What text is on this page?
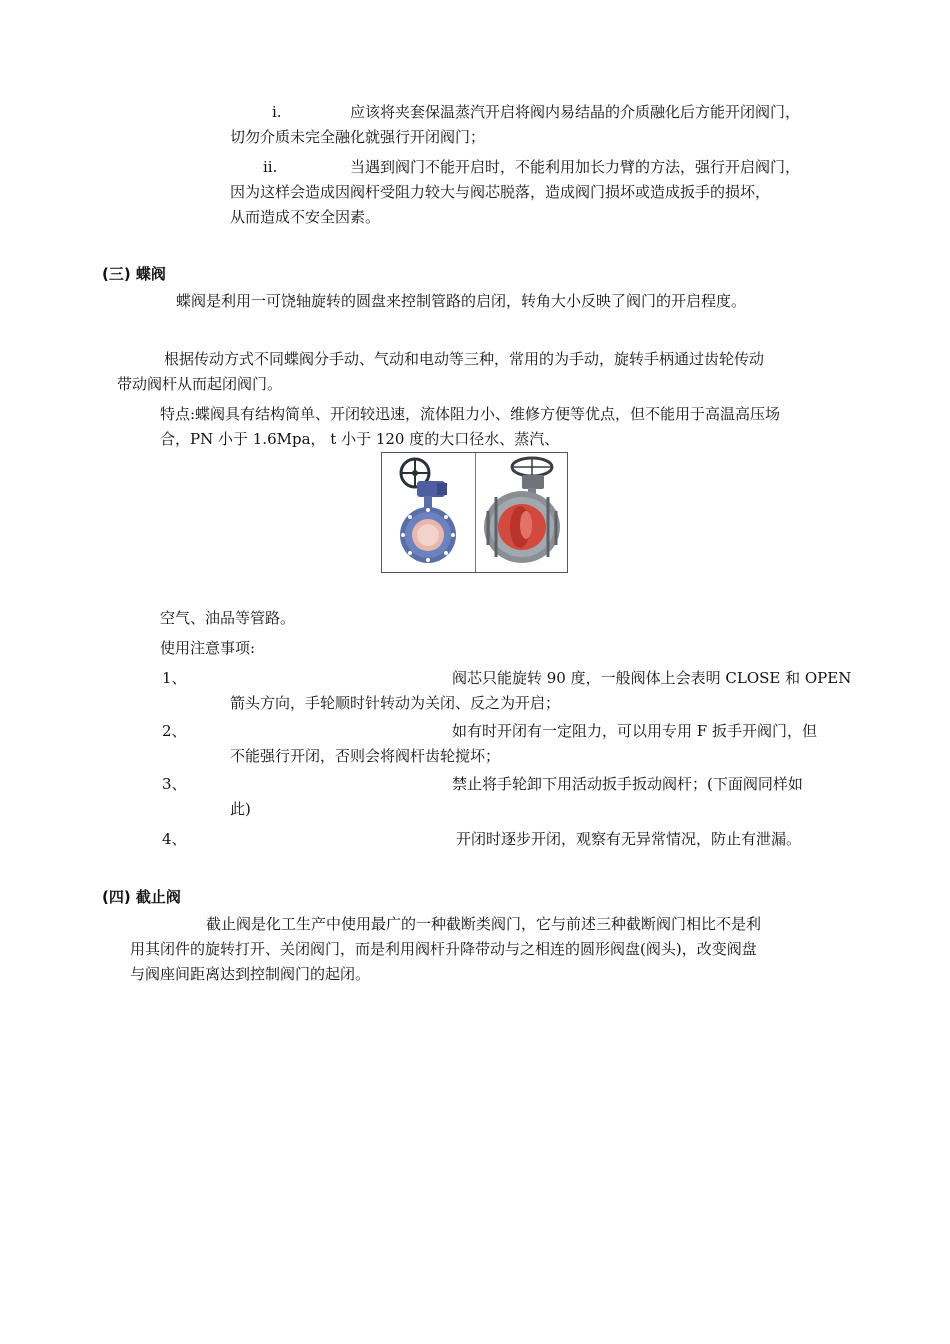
i.	应该将夹套保温蒸汽开启将阀内易结晶的介质融化后方能开闭阀门，
切勿介质未完全融化就强行开闭阀门；
ii.	当遇到阀门不能开启时，不能利用加长力臂的方法，强行开启阀门，
因为这样会造成因阀杆受阻力较大与阀芯脱落，造成阀门损坏或造成扳手的损坏，
从而造成不安全因素。
(三) 蝶阀
蝶阀是利用一可饶轴旋转的圆盘来控制管路的启闭，转角大小反映了阀门的开启程度。
根据传动方式不同蝶阀分手动、气动和电动等三种，常用的为手动，旋转手柄通过齿轮传动
带动阀杆从而起闭阀门。
特点:蝶阀具有结构简单、开闭较迅速，流体阻力小、维修方便等优点，但不能用于高温高压场
合，PN 小于 1.6Mpa， t 小于 120 度的大口径水、蒸汽、
空气、油品等管路。
使用注意事项:
1、	阀芯只能旋转 90 度，一般阀体上会表明 CLOSE 和 OPEN
箭头方向，手轮顺时针转动为关闭、反之为开启；
2、	如有时开闭有一定阻力，可以用专用 F 扳手开阀门，但
不能强行开闭，否则会将阀杆齿轮搅坏；
3、	禁止将手轮卸下用活动扳手扳动阀杆；(下面阀同样如
此)
4、	开闭时逐步开闭，观察有无异常情况，防止有泄漏。
(四) 截止阀
截止阀是化工生产中使用最广的一种截断类阀门，它与前述三种截断阀门相比不是利
用其闭件的旋转打开、关闭阀门，而是利用阀杆升降带动与之相连的圆形阀盘(阀头)，改变阀盘
与阀座间距离达到控制阀门的起闭。
